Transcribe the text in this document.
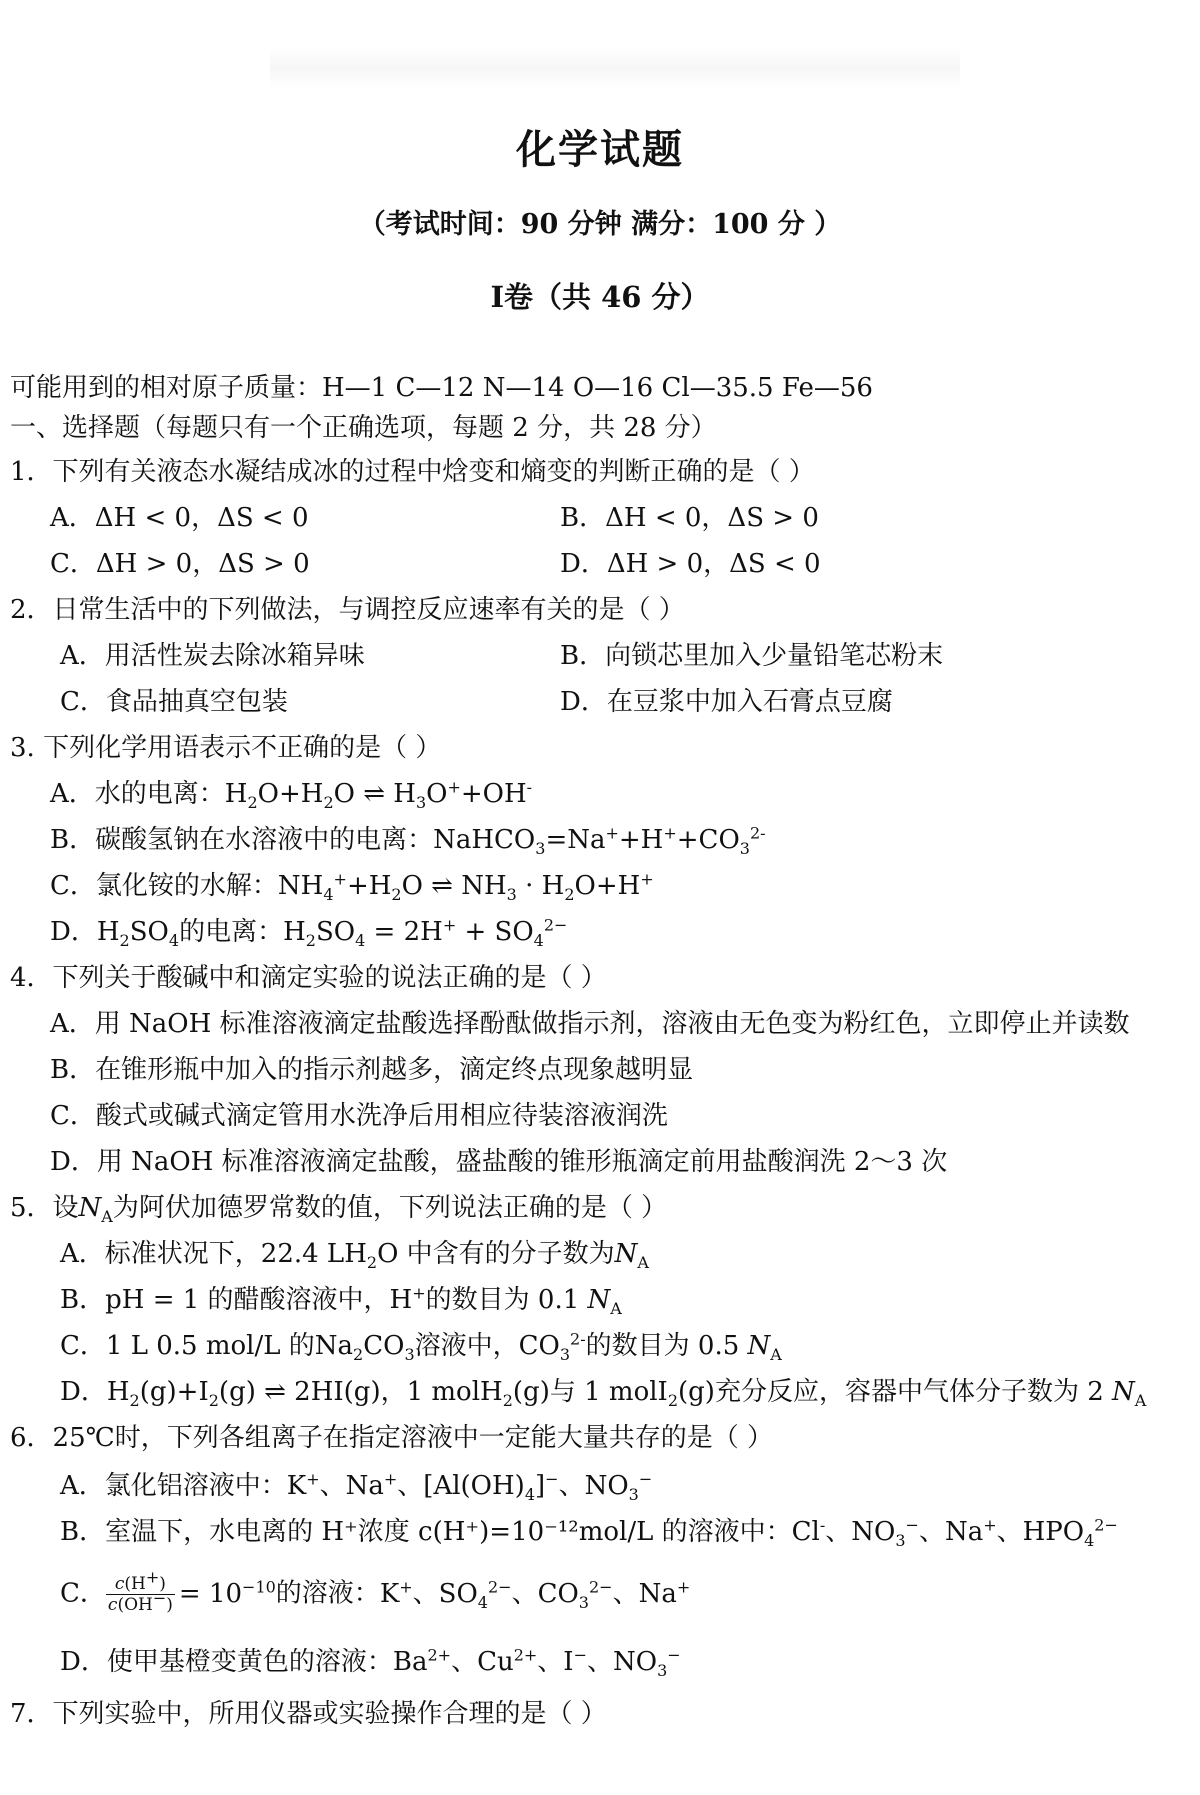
化学试题
（考试时间：90 分钟 满分：100 分 ）
I卷（共 46 分）
可能用到的相对原子质量：H—1 C—12 N—14 O—16 Cl—35.5 Fe—56
一、选择题（每题只有一个正确选项，每题 2 分，共 28 分）
1．下列有关液态水凝结成冰的过程中焓变和熵变的判断正确的是（ ）
A．ΔH < 0，ΔS < 0	B．ΔH < 0，ΔS > 0
C．ΔH > 0，ΔS > 0	D．ΔH > 0，ΔS < 0
2．日常生活中的下列做法，与调控反应速率有关的是（ ）
A．用活性炭去除冰箱异味	B．向锁芯里加入少量铅笔芯粉末
C．食品抽真空包装	D．在豆浆中加入石膏点豆腐
3. 下列化学用语表示不正确的是（ ）
A．水的电离：$H_2O+H_2O$ ⇌ $H_3O^++OH^-$
B．碳酸氢钠在水溶液中的电离：$NaHCO_3=Na^++H^++CO_3^{2-}$
C．氯化铵的水解：$NH_4^++H_2O$ ⇌ $NH_3 \cdot H_2O+H^+$
D．$H_2SO_4$的电离：$H_2SO_4 = 2H^+ + SO_4^{2-}$
4．下列关于酸碱中和滴定实验的说法正确的是（ ）
A．用 NaOH 标准溶液滴定盐酸选择酚酞做指示剂，溶液由无色变为粉红色，立即停止并读数
B．在锥形瓶中加入的指示剂越多，滴定终点现象越明显
C．酸式或碱式滴定管用水洗净后用相应待装溶液润洗
D．用 NaOH 标准溶液滴定盐酸，盛盐酸的锥形瓶滴定前用盐酸润洗 2～3 次
5．设$N_A$为阿伏加德罗常数的值，下列说法正确的是（ ）
A．标准状况下，22.4 $LH_2O$ 中含有的分子数为$N_A$
B．pH = 1 的醋酸溶液中，H+的数目为 0.1 $N_A$
C．1 L 0.5 mol/L 的$Na_2CO_3$溶液中，$CO_3^{2-}$的数目为 0.5 $N_A$
D．$H_2(g)+I_2(g)$ ⇌ 2HI(g)，1 molH$_2$(g)与 1 molI$_2$(g)充分反应，容器中气体分子数为 2 $N_A$
6．25℃时，下列各组离子在指定溶液中一定能大量共存的是（ ）
A．氯化铝溶液中：K+、Na+、$[Al(OH)_4]^-$、$NO_3^-$
B．室温下，水电离的 H⁺浓度 c(H⁺)=10⁻¹²mol/L 的溶液中：Cl-、$NO_3^-$、Na+、$HPO_4^{2-}$
C． $\frac{c(H^+)}{c(OH^-)} = 10^{-10}$的溶液：K+、$SO_4^{2-}$、$CO_3^{2-}$、Na+
D．使甲基橙变黄色的溶液：$Ba^{2+}$、$Cu^{2+}$、I−、$NO_3^-$
7．下列实验中，所用仪器或实验操作合理的是（ ）
